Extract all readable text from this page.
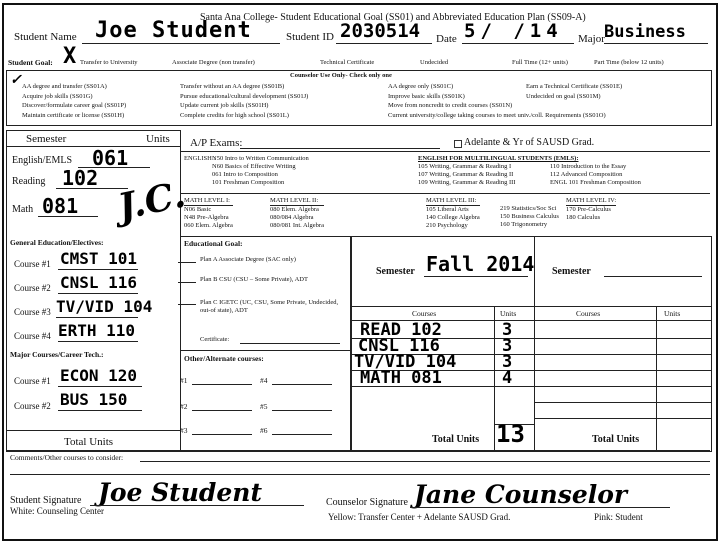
Santa Ana College- Student Educational Goal (SS01) and Abbreviated Education Plan (SS09-A)
Student Name Joe Student	Student ID 2030514 Date 5/ /14 Major Business
Student Goal: X Transfer to University	Associate Degree (non transfer)	Technical Certificate	Undecided	Full Time (12+ units)	Part Time (below 12 units)
Counselor Use Only- Check only one
✓ AA degree and transfer (SS01A)
Acquire job skills (SS01G)
Discover/formulate career goal (SS01P)
Maintain certificate or license (SS01H)
Transfer without an AA degree (SS01B)
Pursue educational/cultural development (SS01J)
Update current job skills (SS01H)
Complete credits for high school (SS01L)
AA degree only (SS01C)
Improve basic skills (SS01K)
Move from noncredit to credit courses (SS01N)
Current university/college taking courses to meet univ./coll. Requirements (SS01O)
Earn a Technical Certificate (SS01E)
Undecided on goal (SS01M)
Semester	Units
English/EMLS 061
Reading 102
Math 081 J.C.
General Education/Electives:
Course #1 CMST 101
Course #2 CNSL 116
Course #3 TV/VID 104
Course #4 ERTH 110
Major Courses/Career Tech.:
Course #1 ECON 120
Course #2 BUS 150
Total Units
A/P Exams:	Adelante & Yr of SAUSD Grad.
ENGLISH :
N50 Intro to Written Communication
N60 Basics of Effective Writing
061 Intro to Composition
101 Freshman Composition
ENGLISH FOR MULTILINGUAL STUDENTS (EMLS):
105 Writing, Grammar & Reading I
107 Writing, Grammar & Reading II
109 Writing, Grammar & Reading III
110 Introduction to the Essay
112 Advanced Composition
ENGL 101 Freshman Composition
MATH LEVEL I:
N06 Basic
N48 Pre-Algebra
060 Elem. Algebra
MATH LEVEL II:
080 Elem. Algebra
080/084 Algebra
080/081 Int. Algebra
MATH LEVEL III:
105 Liberal Arts
140 College Algebra
210 Psychology
219 Statistics/Soc Sci
150 Business Calculus
160 Trigonometry
MATH LEVEL IV:
170 Pre-Calculus
180 Calculus
Educational Goal:
Plan A Associate Degree (SAC only)
Plan B CSU (CSU – Some Private), ADT
Plan C IGETC (UC, CSU, Some Private, Undecided, out-of state), ADT
Certificate:
Other/Alternate courses:
#1	#4
#2	#5
#3	#6
Semester Fall 2014 Semester
Courses	Units	Courses	Units
READ 102	3
CNSL 116	3
TV/VID 104	3
MATH 081	4
Total Units 13	Total Units
Comments/Other courses to consider:
Student Signature Joe Student
White: Counseling Center
Counselor Signature Jane Counselor
Yellow: Transfer Center + Adelante SAUSD Grad.	Pink: Student
